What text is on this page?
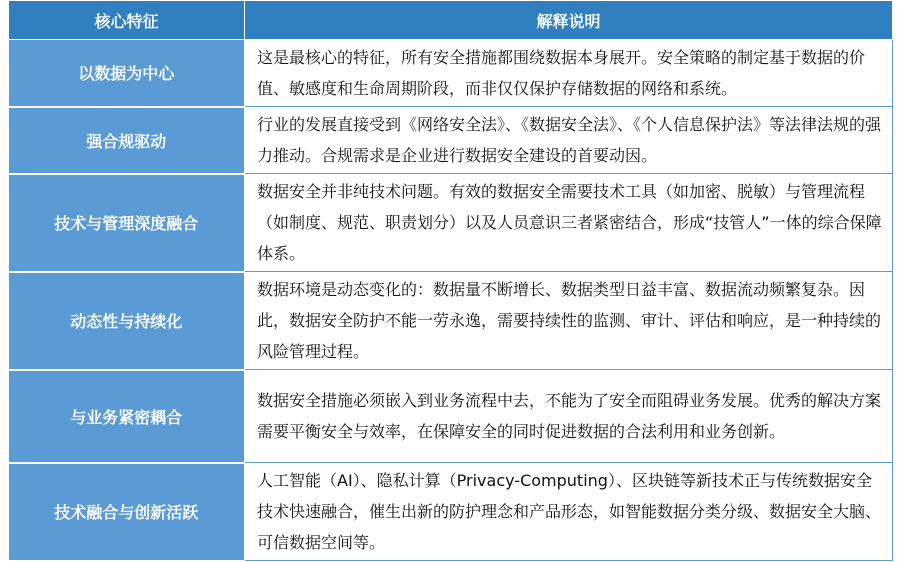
核心特征	解释说明
以数据为中心	这是最核心的特征，所有安全措施都围绕数据本身展开。安全策略的制定基于数据的价值、敏感度和生命周期阶段，而非仅仅保护存储数据的网络和系统。
强合规驱动	行业的发展直接受到《网络安全法》、《数据安全法》、《个人信息保护法》等法律法规的强力推动。合规需求是企业进行数据安全建设的首要动因。
技术与管理深度融合	数据安全并非纯技术问题。有效的数据安全需要技术工具（如加密、脱敏）与管理流程（如制度、规范、职责划分）以及人员意识三者紧密结合，形成“技管人”一体的综合保障体系。
动态性与持续化	数据环境是动态变化的：数据量不断增长、数据类型日益丰富、数据流动频繁复杂。因此，数据安全防护不能一劳永逸，需要持续性的监测、审计、评估和响应，是一种持续的风险管理过程。
与业务紧密耦合	数据安全措施必须嵌入到业务流程中去，不能为了安全而阻碍业务发展。优秀的解决方案需要平衡安全与效率，在保障安全的同时促进数据的合法利用和业务创新。
技术融合与创新活跃	人工智能（AI）、隐私计算（Privacy-Computing）、区块链等新技术正与传统数据安全技术快速融合，催生出新的防护理念和产品形态，如智能数据分类分级、数据安全大脑、可信数据空间等。
